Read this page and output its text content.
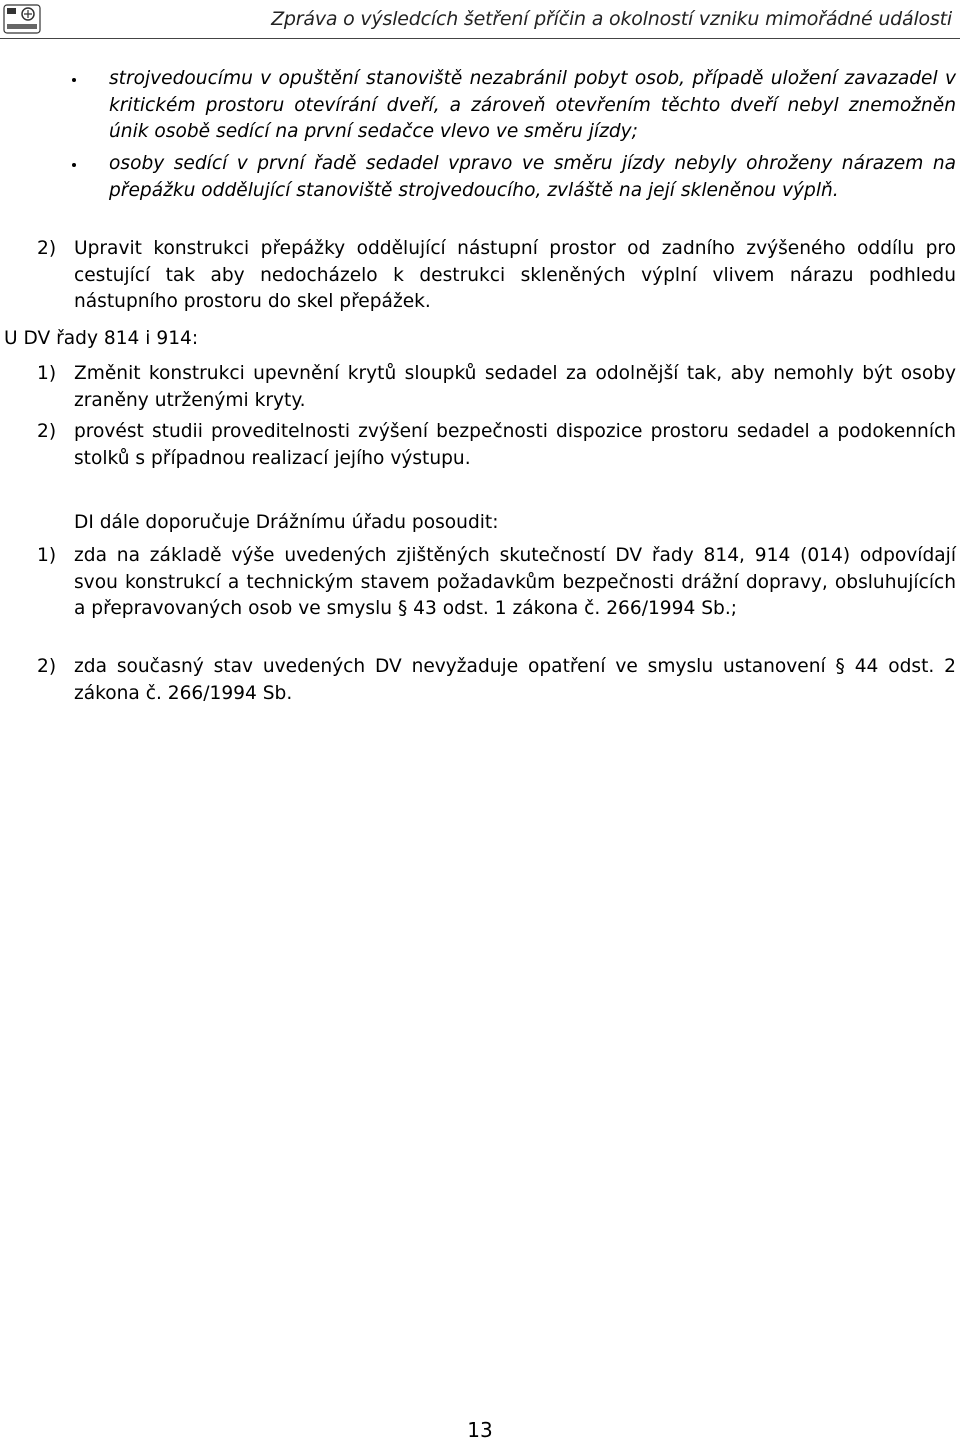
Zpráva o výsledcích šetření příčin a okolností vzniku mimořádné události
strojvedoucímu v opuštění stanoviště nezabránil pobyt osob, případě uložení zavazadel v kritickém prostoru otevírání dveří, a zároveň otevřením těchto dveří nebyl znemožněn únik osobě sedící na první sedačce vlevo ve směru jízdy;
osoby sedící v první řadě sedadel vpravo ve směru jízdy nebyly ohroženy nárazem na přepážku oddělující stanoviště strojvedoucího, zvláště na její skleněnou výplň.
2) Upravit konstrukci přepážky oddělující nástupní prostor od zadního zvýšeného oddílu pro cestující tak aby nedocházelo k destrukci skleněných výplní vlivem nárazu podhledu nástupního prostoru do skel přepážek.
U DV řady 814 i 914:
1) Změnit konstrukci upevnění krytů sloupků sedadel za odolnější tak, aby nemohly být osoby zraněny utrženými kryty.
2) provést studii proveditelnosti zvýšení bezpečnosti dispozice prostoru sedadel a podokenních stolků s případnou realizací jejího výstupu.
DI dále doporučuje Drážnímu úřadu posoudit:
1) zda na základě výše uvedených zjištěných skutečností DV řady 814, 914 (014) odpovídají svou konstrukcí a technickým stavem požadavkům bezpečnosti drážní dopravy, obsluhujících a přepravovaných osob ve smyslu § 43 odst. 1 zákona č. 266/1994 Sb.;
2) zda současný stav uvedených DV nevyžaduje opatření ve smyslu ustanovení § 44 odst. 2 zákona č. 266/1994 Sb.
13
